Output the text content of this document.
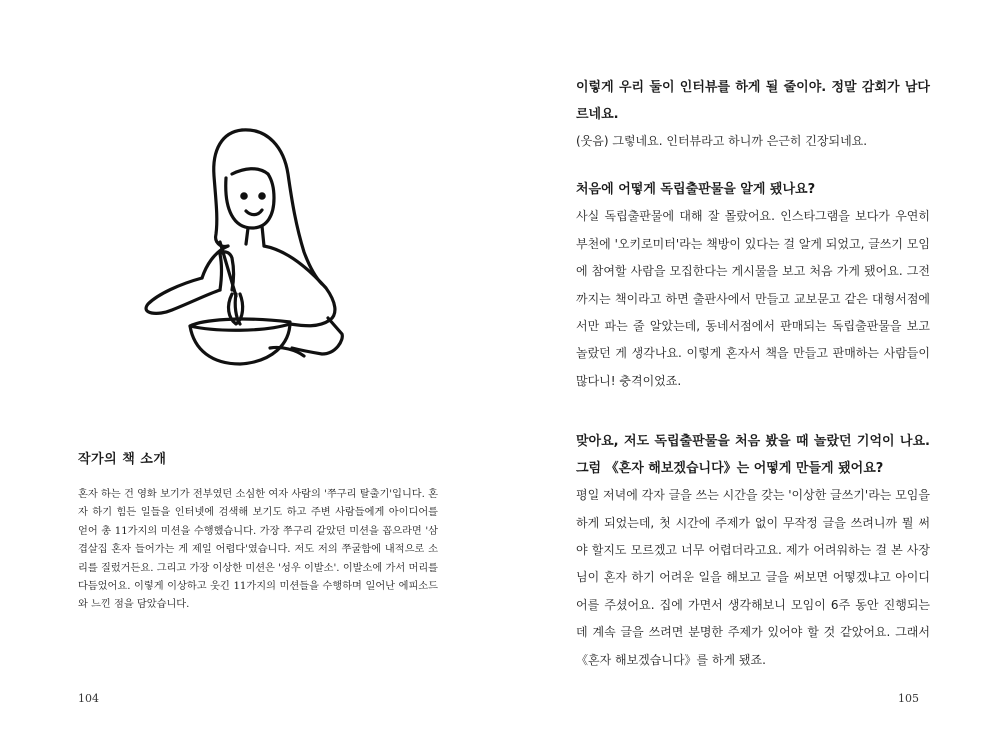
작가의 책 소개

혼자 하는 건 영화 보기가 전부였던 소심한 여자 사람의 '쭈구리 탈출기'입니다. 혼자 하기 힘든 일들을 인터넷에 검색해 보기도 하고 주변 사람들에게 아이디어를 얻어 총 11가지의 미션을 수행했습니다. 가장 쭈구리 같았던 미션을 꼽으라면 '삼겹살집 혼자 들어가는 게 제일 어렵다'였습니다. 저도 저의 쭈굴함에 내적으로 소리를 질렀거든요. 그리고 가장 이상한 미션은 '성우 이발소'. 이발소에 가서 머리를 다듬었어요. 이렇게 이상하고 웃긴 11가지의 미션들을 수행하며 일어난 에피소드와 느낀 점을 담았습니다.

104

이렇게 우리 둘이 인터뷰를 하게 될 줄이야. 정말 감회가 남다르네요.

(웃음) 그렇네요. 인터뷰라고 하니까 은근히 긴장되네요.

처음에 어떻게 독립출판물을 알게 됐나요?

사실 독립출판물에 대해 잘 몰랐어요. 인스타그램을 보다가 우연히 부천에 '오키로미터'라는 책방이 있다는 걸 알게 되었고, 글쓰기 모임에 참여할 사람을 모집한다는 게시물을 보고 처음 가게 됐어요. 그전까지는 책이라고 하면 출판사에서 만들고 교보문고 같은 대형서점에서만 파는 줄 알았는데, 동네서점에서 판매되는 독립출판물을 보고 놀랐던 게 생각나요. 이렇게 혼자서 책을 만들고 판매하는 사람들이 많다니! 충격이었죠.

맞아요, 저도 독립출판물을 처음 봤을 때 놀랐던 기억이 나요. 그럼 《혼자 해보겠습니다》는 어떻게 만들게 됐어요?

평일 저녁에 각자 글을 쓰는 시간을 갖는 '이상한 글쓰기'라는 모임을 하게 되었는데, 첫 시간에 주제가 없이 무작정 글을 쓰려니까 뭘 써야 할지도 모르겠고 너무 어렵더라고요. 제가 어려워하는 걸 본 사장님이 혼자 하기 어려운 일을 해보고 글을 써보면 어떻겠냐고 아이디어를 주셨어요. 집에 가면서 생각해보니 모임이 6주 동안 진행되는데 계속 글을 쓰려면 분명한 주제가 있어야 할 것 같았어요. 그래서 《혼자 해보겠습니다》를 하게 됐죠.

105
